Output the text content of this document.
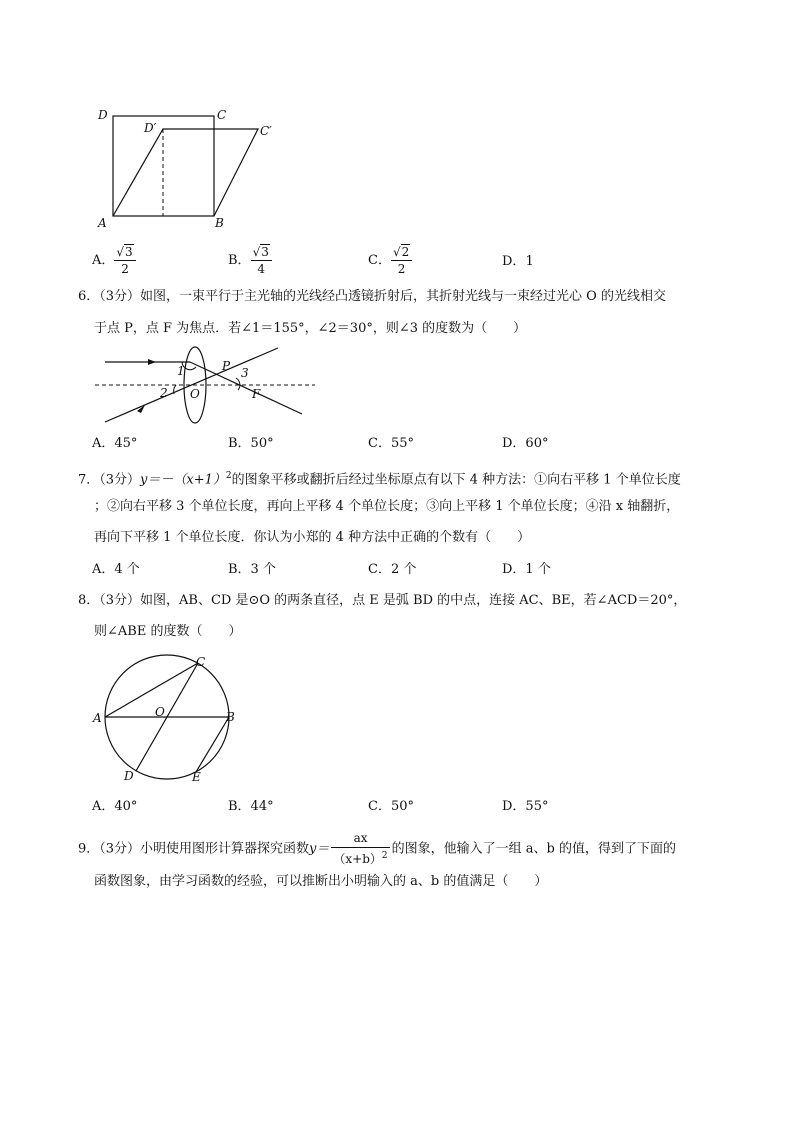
D	C
D′	C′
A	B
A． $\frac{√3}{2}$	B． $\frac{√3}{4}$	C． $\frac{√2}{2}$	D．1
6．（3分）如图，一束平行于主光轴的光线经凸透镜折射后，其折射光线与一束经过光心 O 的光线相交
于点 P，点 F 为焦点．若∠1＝155°，∠2＝30°，则∠3 的度数为（　　）
1
2
3
P
O	F
A．45°	B．50°	C．55°	D．60°
7．（3分）$y=-(x+1)^2$的图象平移或翻折后经过坐标原点有以下 4 种方法：①向右平移 1 个单位长度
；②向右平移 3 个单位长度，再向上平移 4 个单位长度；③向上平移 1 个单位长度；④沿 x 轴翻折，
再向下平移 1 个单位长度．你认为小郑的 4 种方法中正确的个数有（　　）
A．4 个	B．3 个	C．2 个	D．1 个
8．（3分）如图，AB、CD 是⊙O 的两条直径，点 E 是弧 BD 的中点，连接 AC、BE，若∠ACD＝20°，
则∠ABE 的度数（　　）
A	B
C
D	E
O
A．40°	B．44°	C．50°	D．55°
9．（3分）小明使用图形计算器探究函数$y= \frac{ax}{(x+b)^2}$ 的图象，他输入了一组 a、b 的值，得到了下面的
函数图象，由学习函数的经验，可以推断出小明输入的 a、b 的值满足（　　）
